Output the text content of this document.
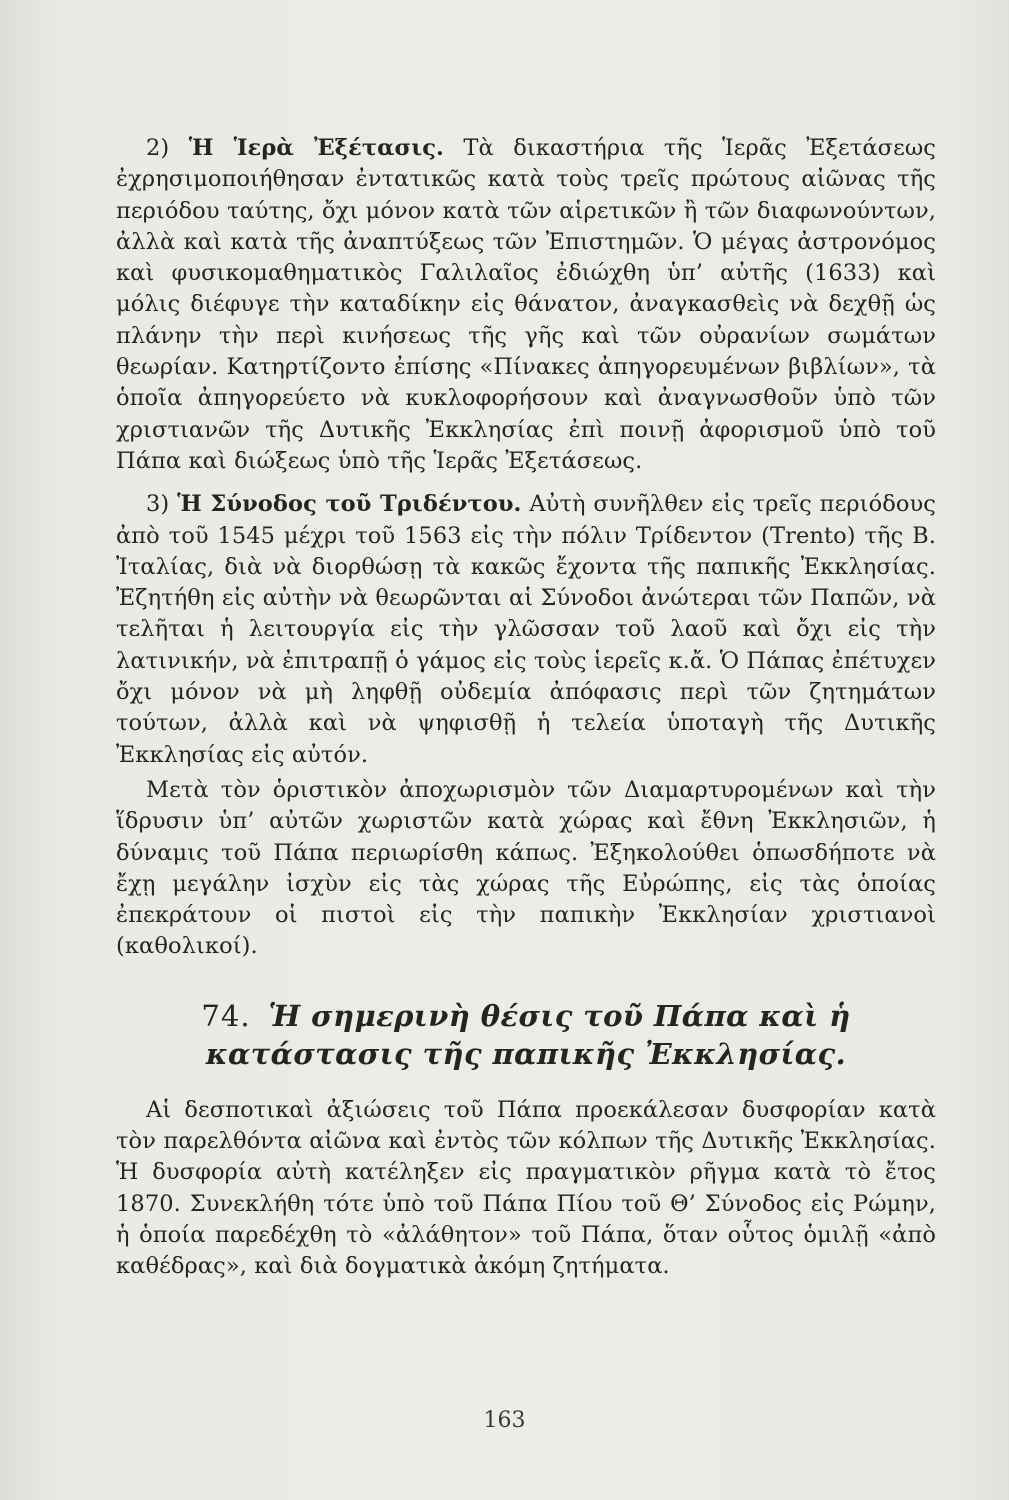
2) Ἡ Ἱερὰ Ἐξέτασις. Τὰ δικαστήρια τῆς Ἱερᾶς Ἐξετάσεως ἐχρησιμοποιήθησαν ἐντατικῶς κατὰ τοὺς τρεῖς πρώτους αἰῶνας τῆς περιόδου ταύτης, ὄχι μόνον κατὰ τῶν αἱρετικῶν ἢ τῶν διαφωνούντων, ἀλλὰ καὶ κατὰ τῆς ἀναπτύξεως τῶν Ἐπιστημῶν. Ὁ μέγας ἀστρονόμος καὶ φυσικομαθηματικὸς Γαλιλαῖος ἐδιώχθη ὑπ’ αὐτῆς (1633) καὶ μόλις διέφυγε τὴν καταδίκην εἰς θάνατον, ἀναγκασθεὶς νὰ δεχθῇ ὡς πλάνην τὴν περὶ κινήσεως τῆς γῆς καὶ τῶν οὐρανίων σωμάτων θεωρίαν. Κατηρτίζοντο ἐπίσης «Πίνακες ἀπηγορευμένων βιβλίων», τὰ ὁποῖα ἀπηγορεύετο νὰ κυκλοφορήσουν καὶ ἀναγνωσθοῦν ὑπὸ τῶν χριστιανῶν τῆς Δυτικῆς Ἐκκλησίας ἐπὶ ποινῇ ἀφορισμοῦ ὑπὸ τοῦ Πάπα καὶ διώξεως ὑπὸ τῆς Ἱερᾶς Ἐξετάσεως.

3) Ἡ Σύνοδος τοῦ Τριδέντου. Αὐτὴ συνῆλθεν εἰς τρεῖς περιόδους ἀπὸ τοῦ 1545 μέχρι τοῦ 1563 εἰς τὴν πόλιν Τρίδεντον (Trento) τῆς Β. Ἰταλίας, διὰ νὰ διορθώσῃ τὰ κακῶς ἔχοντα τῆς παπικῆς Ἐκκλησίας. Ἐζητήθη εἰς αὐτὴν νὰ θεωρῶνται αἱ Σύνοδοι ἀνώτεραι τῶν Παπῶν, νὰ τελῆται ἡ λειτουργία εἰς τὴν γλῶσσαν τοῦ λαοῦ καὶ ὄχι εἰς τὴν λατινικήν, νὰ ἐπιτραπῇ ὁ γάμος εἰς τοὺς ἱερεῖς κ.ἄ. Ὁ Πάπας ἐπέτυχεν ὄχι μόνον νὰ μὴ ληφθῇ οὐδεμία ἀπόφασις περὶ τῶν ζητημάτων τούτων, ἀλλὰ καὶ νὰ ψηφισθῇ ἡ τελεία ὑποταγὴ τῆς Δυτικῆς Ἐκκλησίας εἰς αὐτόν.

Μετὰ τὸν ὁριστικὸν ἀποχωρισμὸν τῶν Διαμαρτυρομένων καὶ τὴν ἵδρυσιν ὑπ’ αὐτῶν χωριστῶν κατὰ χώρας καὶ ἔθνη Ἐκκλησιῶν, ἡ δύναμις τοῦ Πάπα περιωρίσθη κάπως. Ἐξηκολούθει ὁπωσδήποτε νὰ ἔχῃ μεγάλην ἰσχὺν εἰς τὰς χώρας τῆς Εὐρώπης, εἰς τὰς ὁποίας ἐπεκράτουν οἱ πιστοὶ εἰς τὴν παπικὴν Ἐκκλησίαν χριστιανοὶ (καθολικοί).

74. Ἡ σημερινὴ θέσις τοῦ Πάπα καὶ ἡ κατάστασις τῆς παπικῆς Ἐκκλησίας.

Αἱ δεσποτικαὶ ἀξιώσεις τοῦ Πάπα προεκάλεσαν δυσφορίαν κατὰ τὸν παρελθόντα αἰῶνα καὶ ἐντὸς τῶν κόλπων τῆς Δυτικῆς Ἐκκλησίας. Ἡ δυσφορία αὐτὴ κατέληξεν εἰς πραγματικὸν ρῆγμα κατὰ τὸ ἔτος 1870. Συνεκλήθη τότε ὑπὸ τοῦ Πάπα Πίου τοῦ Θ’ Σύνοδος εἰς Ρώμην, ἡ ὁποία παρεδέχθη τὸ «ἀλάθητον» τοῦ Πάπα, ὅταν οὗτος ὁμιλῇ «ἀπὸ καθέδρας», καὶ διὰ δογματικὰ ἀκόμη ζητήματα.

163
